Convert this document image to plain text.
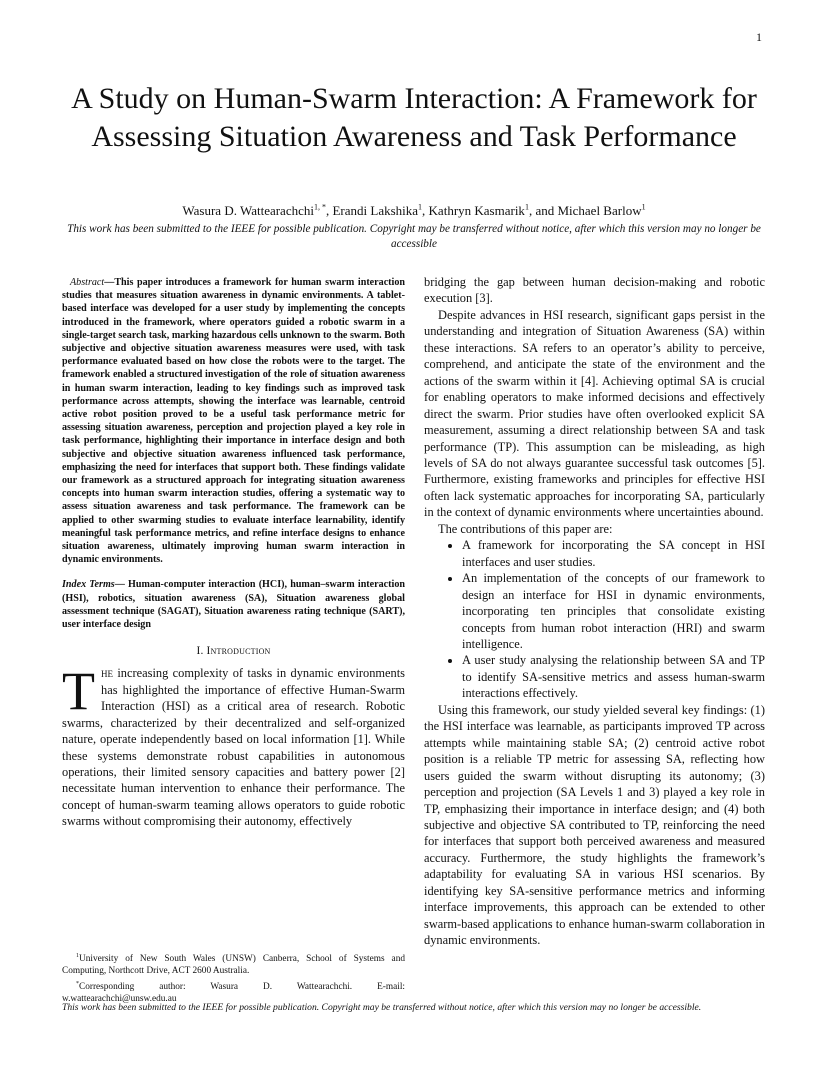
1
A Study on Human-Swarm Interaction: A Framework for Assessing Situation Awareness and Task Performance
Wasura D. Wattearachchi$^{1, *}$, Erandi Lakshika$^1$, Kathryn Kasmarik$^1$, and Michael Barlow$^1$
This work has been submitted to the IEEE for possible publication. Copyright may be transferred without notice, after which this version may no longer be accessible

Abstract—This paper introduces a framework for human swarm interaction studies that measures situation awareness in dynamic environments. A tablet-based interface was developed for a user study by implementing the concepts introduced in the framework, where operators guided a robotic swarm in a single-target search task, marking hazardous cells unknown to the swarm. Both subjective and objective situation awareness measures were used, with task performance evaluated based on how close the robots were to the target. The framework enabled a structured investigation of the role of situation awareness in human swarm interaction, leading to key findings such as improved task performance across attempts, showing the interface was learnable, centroid active robot position proved to be a useful task performance metric for assessing situation awareness, perception and projection played a key role in task performance, highlighting their importance in interface design and both subjective and objective situation awareness influenced task performance, emphasizing the need for interfaces that support both. These findings validate our framework as a structured approach for integrating situation awareness concepts into human swarm interaction studies, offering a systematic way to assess situation awareness and task performance. The framework can be applied to other swarming studies to evaluate interface learnability, identify meaningful task performance metrics, and refine interface designs to enhance situation awareness, ultimately improving human swarm interaction in dynamic environments.

Index Terms— Human-computer interaction (HCI), human–swarm interaction (HSI), robotics, situation awareness (SA), Situation awareness global assessment technique (SAGAT), Situation awareness rating technique (SART), user interface design

I. Introduction

The increasing complexity of tasks in dynamic environments has highlighted the importance of effective Human-Swarm Interaction (HSI) as a critical area of research. Robotic swarms, characterized by their decentralized and self-organized nature, operate independently based on local information [1]. While these systems demonstrate robust capabilities in autonomous operations, their limited sensory capacities and battery power [2] necessitate human intervention to enhance their performance. The concept of human-swarm teaming allows operators to guide robotic swarms without compromising their autonomy, effectively

$^1$University of New South Wales (UNSW) Canberra, School of Systems and Computing, Northcott Drive, ACT 2600 Australia.

*Corresponding author: Wasura D. Wattearachchi. E-mail: w.wattearachchi@unsw.edu.au

bridging the gap between human decision-making and robotic execution [3].

Despite advances in HSI research, significant gaps persist in the understanding and integration of Situation Awareness (SA) within these interactions. SA refers to an operator’s ability to perceive, comprehend, and anticipate the state of the environment and the actions of the swarm within it [4]. Achieving optimal SA is crucial for enabling operators to make informed decisions and effectively direct the swarm. Prior studies have often overlooked explicit SA measurement, assuming a direct relationship between SA and task performance (TP). This assumption can be misleading, as high levels of SA do not always guarantee successful task outcomes [5]. Furthermore, existing frameworks and principles for effective HSI often lack systematic approaches for incorporating SA, particularly in the context of dynamic environments where uncertainties abound.

The contributions of this paper are:

• A framework for incorporating the SA concept in HSI interfaces and user studies.
• An implementation of the concepts of our framework to design an interface for HSI in dynamic environments, incorporating ten principles that consolidate existing concepts from human robot interaction (HRI) and swarm intelligence.
• A user study analysing the relationship between SA and TP to identify SA-sensitive metrics and assess human-swarm interactions effectively.

Using this framework, our study yielded several key findings: (1) the HSI interface was learnable, as participants improved TP across attempts while maintaining stable SA; (2) centroid active robot position is a reliable TP metric for assessing SA, reflecting how users guided the swarm without disrupting its autonomy; (3) perception and projection (SA Levels 1 and 3) played a key role in TP, emphasizing their importance in interface design; and (4) both subjective and objective SA contributed to TP, reinforcing the need for interfaces that support both perceived awareness and measured accuracy. Furthermore, the study highlights the framework’s adaptability for evaluating SA in various HSI scenarios. By identifying key SA-sensitive performance metrics and informing interface improvements, this approach can be extended to other swarm-based applications to enhance human-swarm collaboration in dynamic environments.

This work has been submitted to the IEEE for possible publication. Copyright may be transferred without notice, after which this version may no longer be accessible.
